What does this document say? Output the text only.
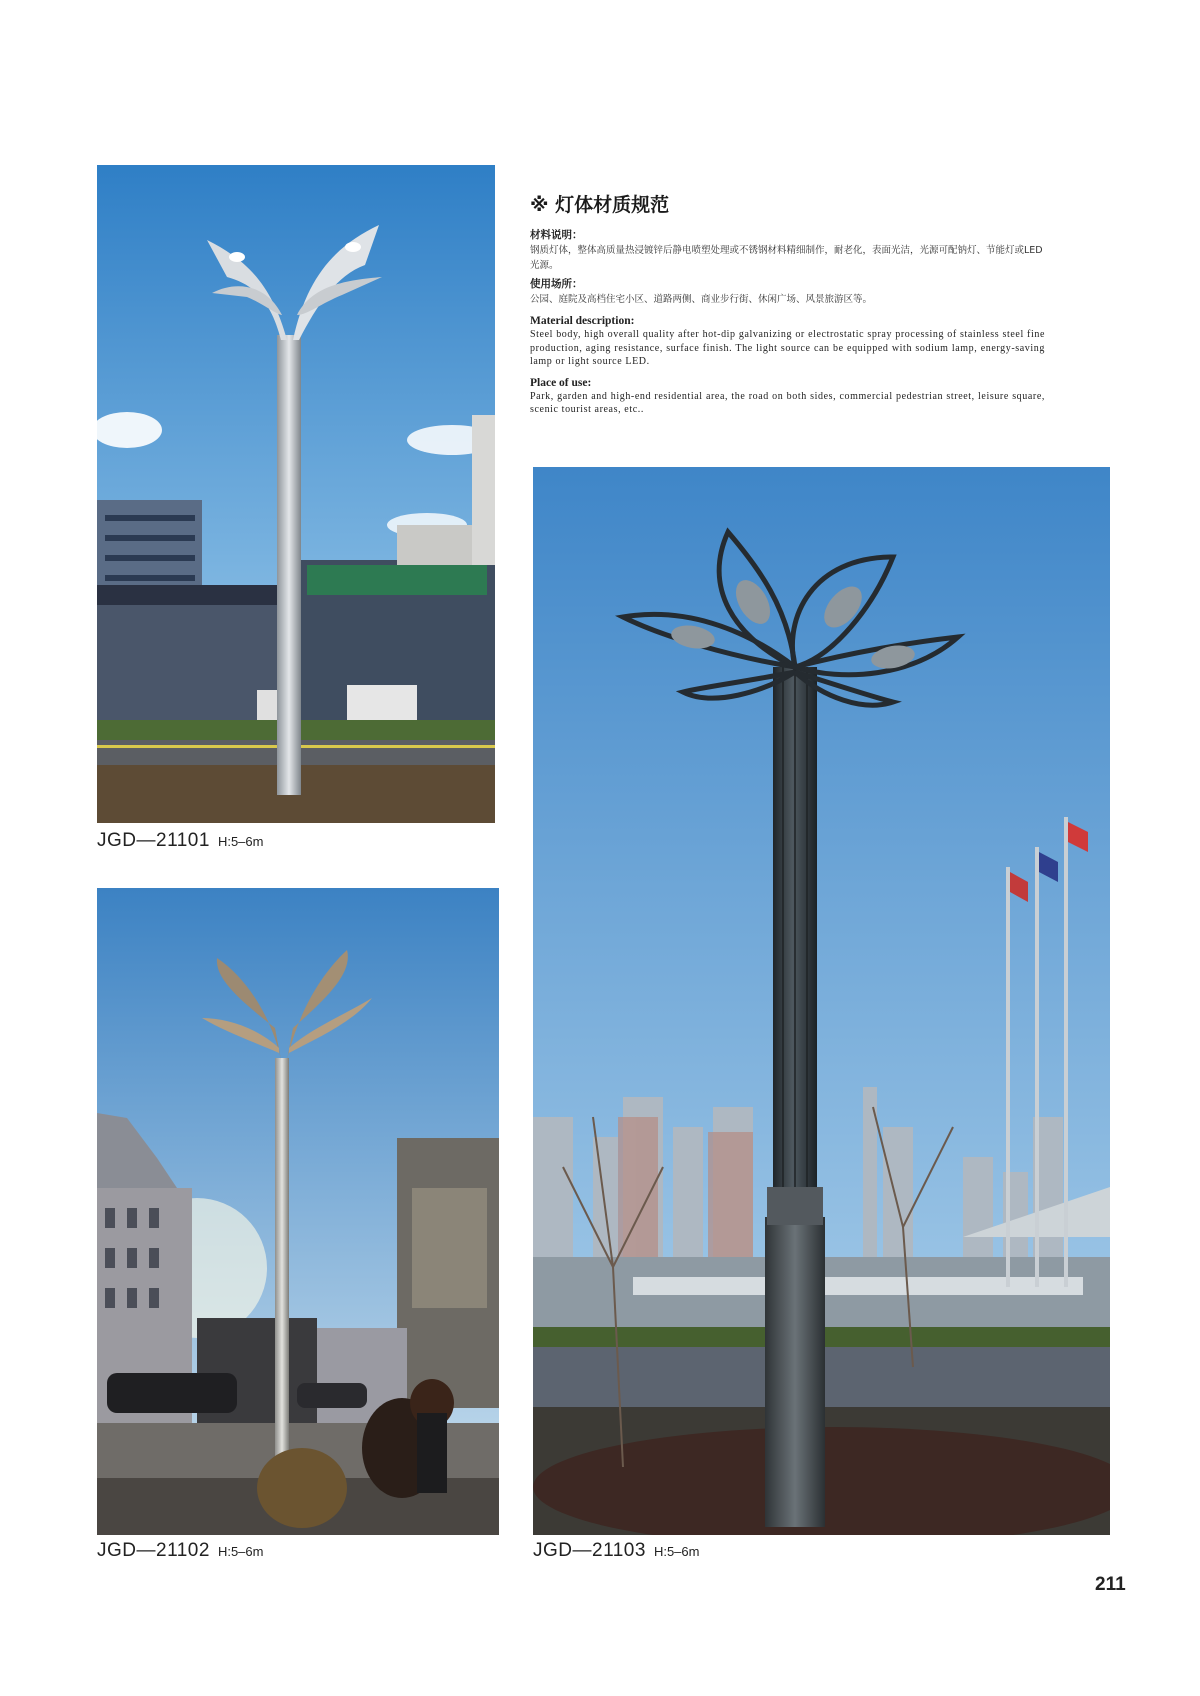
JGD—21101 H:5–6m
JGD—21102 H:5–6m
※ 灯体材质规范

材料说明：

钢质灯体，整体高质量热浸镀锌后静电喷塑处理或不锈钢材料精细制作，耐老化，表面光洁，光源可配钠灯、节能灯或LED光源。

使用场所：

公园、庭院及高档住宅小区、道路两侧、商业步行街、休闲广场、风景旅游区等。

Material description:

Steel body, high overall quality after hot-dip galvanizing or electrostatic spray processing of stainless steel fine production, aging resistance, surface finish. The light source can be equipped with sodium lamp, energy-saving lamp or light source LED.

Place of use:

Park, garden and high-end residential area, the road on both sides, commercial pedestrian street, leisure square, scenic tourist areas, etc..

JGD—21103 H:5–6m
211
